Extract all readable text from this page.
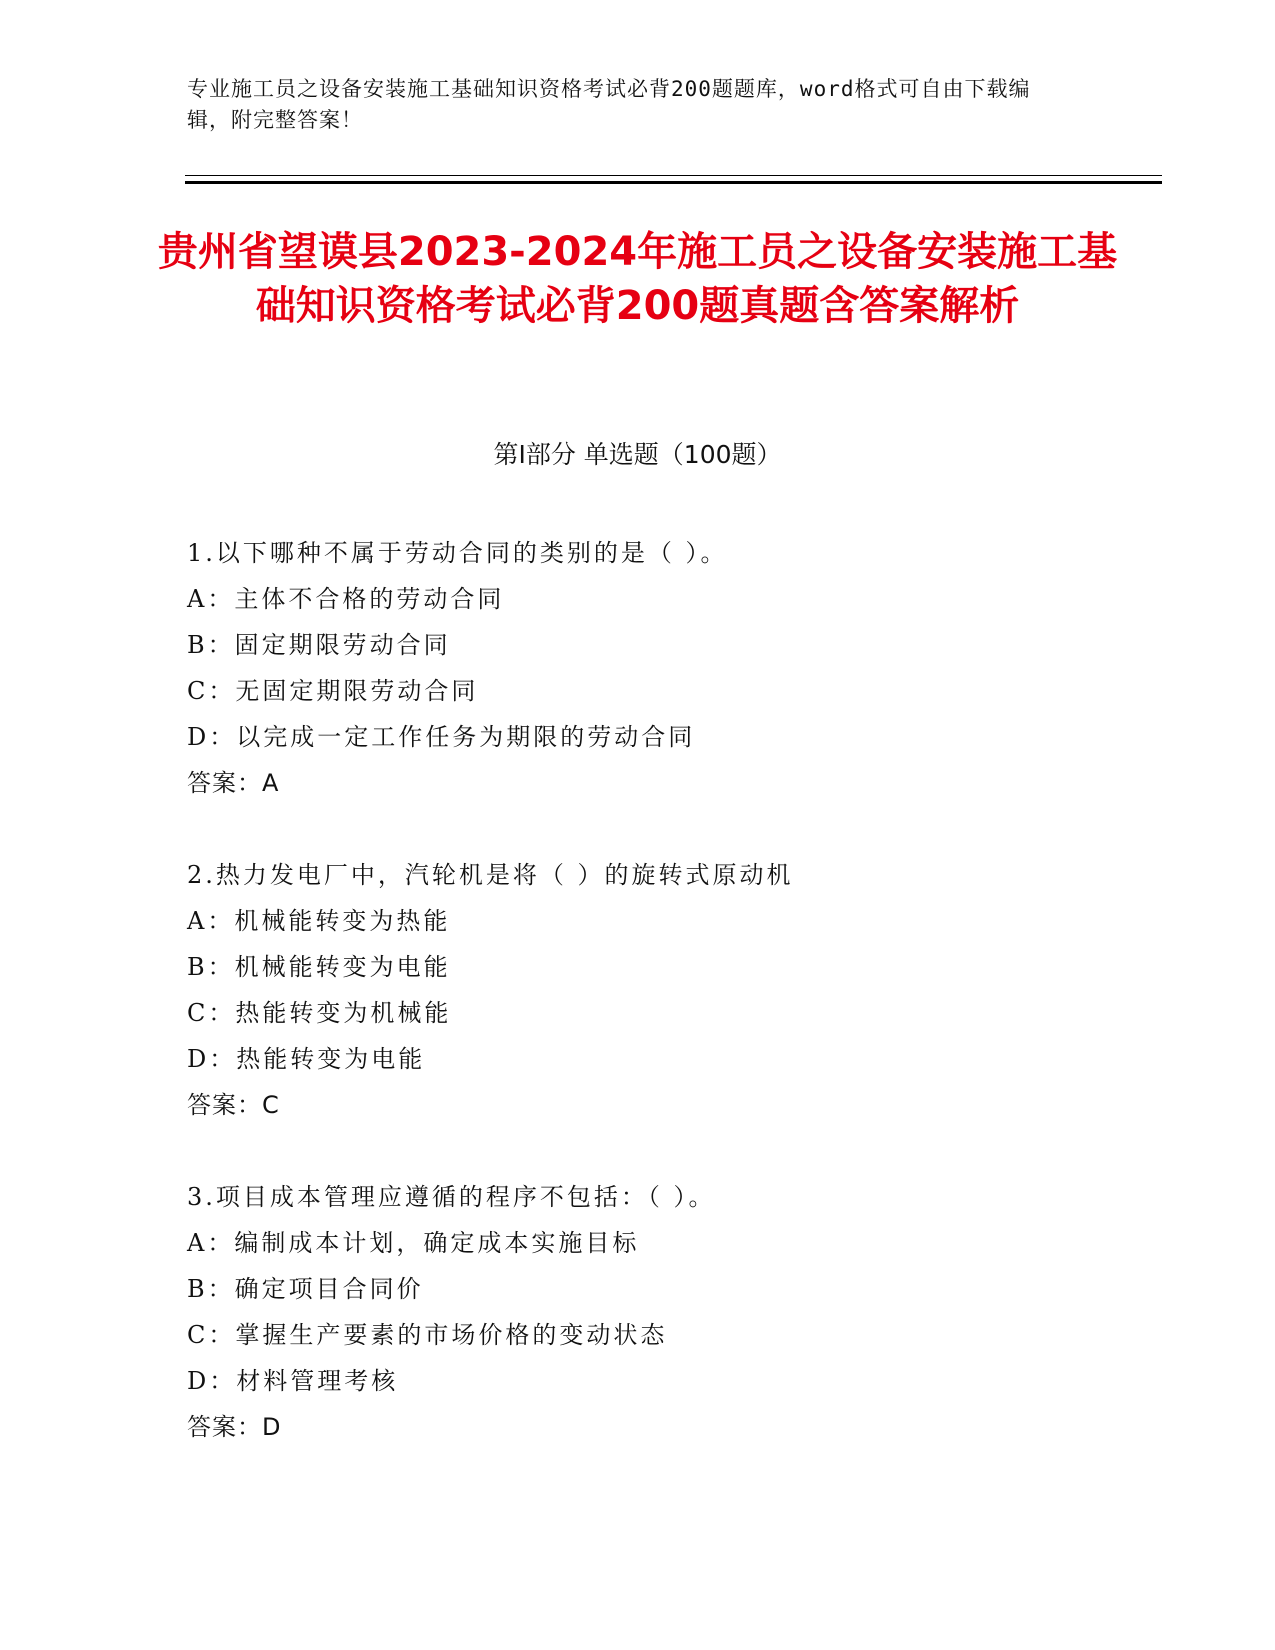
专业施工员之设备安装施工基础知识资格考试必背200题题库，word格式可自由下载编辑，附完整答案！
贵州省望谟县2023-2024年施工员之设备安装施工基础知识资格考试必背200题真题含答案解析
第Ⅰ部分 单选题（100题）
1.以下哪种不属于劳动合同的类别的是（ ）。
A：主体不合格的劳动合同
B：固定期限劳动合同
C：无固定期限劳动合同
D：以完成一定工作任务为期限的劳动合同
答案：A
2.热力发电厂中，汽轮机是将（ ）的旋转式原动机
A：机械能转变为热能
B：机械能转变为电能
C：热能转变为机械能
D：热能转变为电能
答案：C
3.项目成本管理应遵循的程序不包括：（ ）。
A：编制成本计划，确定成本实施目标
B：确定项目合同价
C：掌握生产要素的市场价格的变动状态
D：材料管理考核
答案：D
